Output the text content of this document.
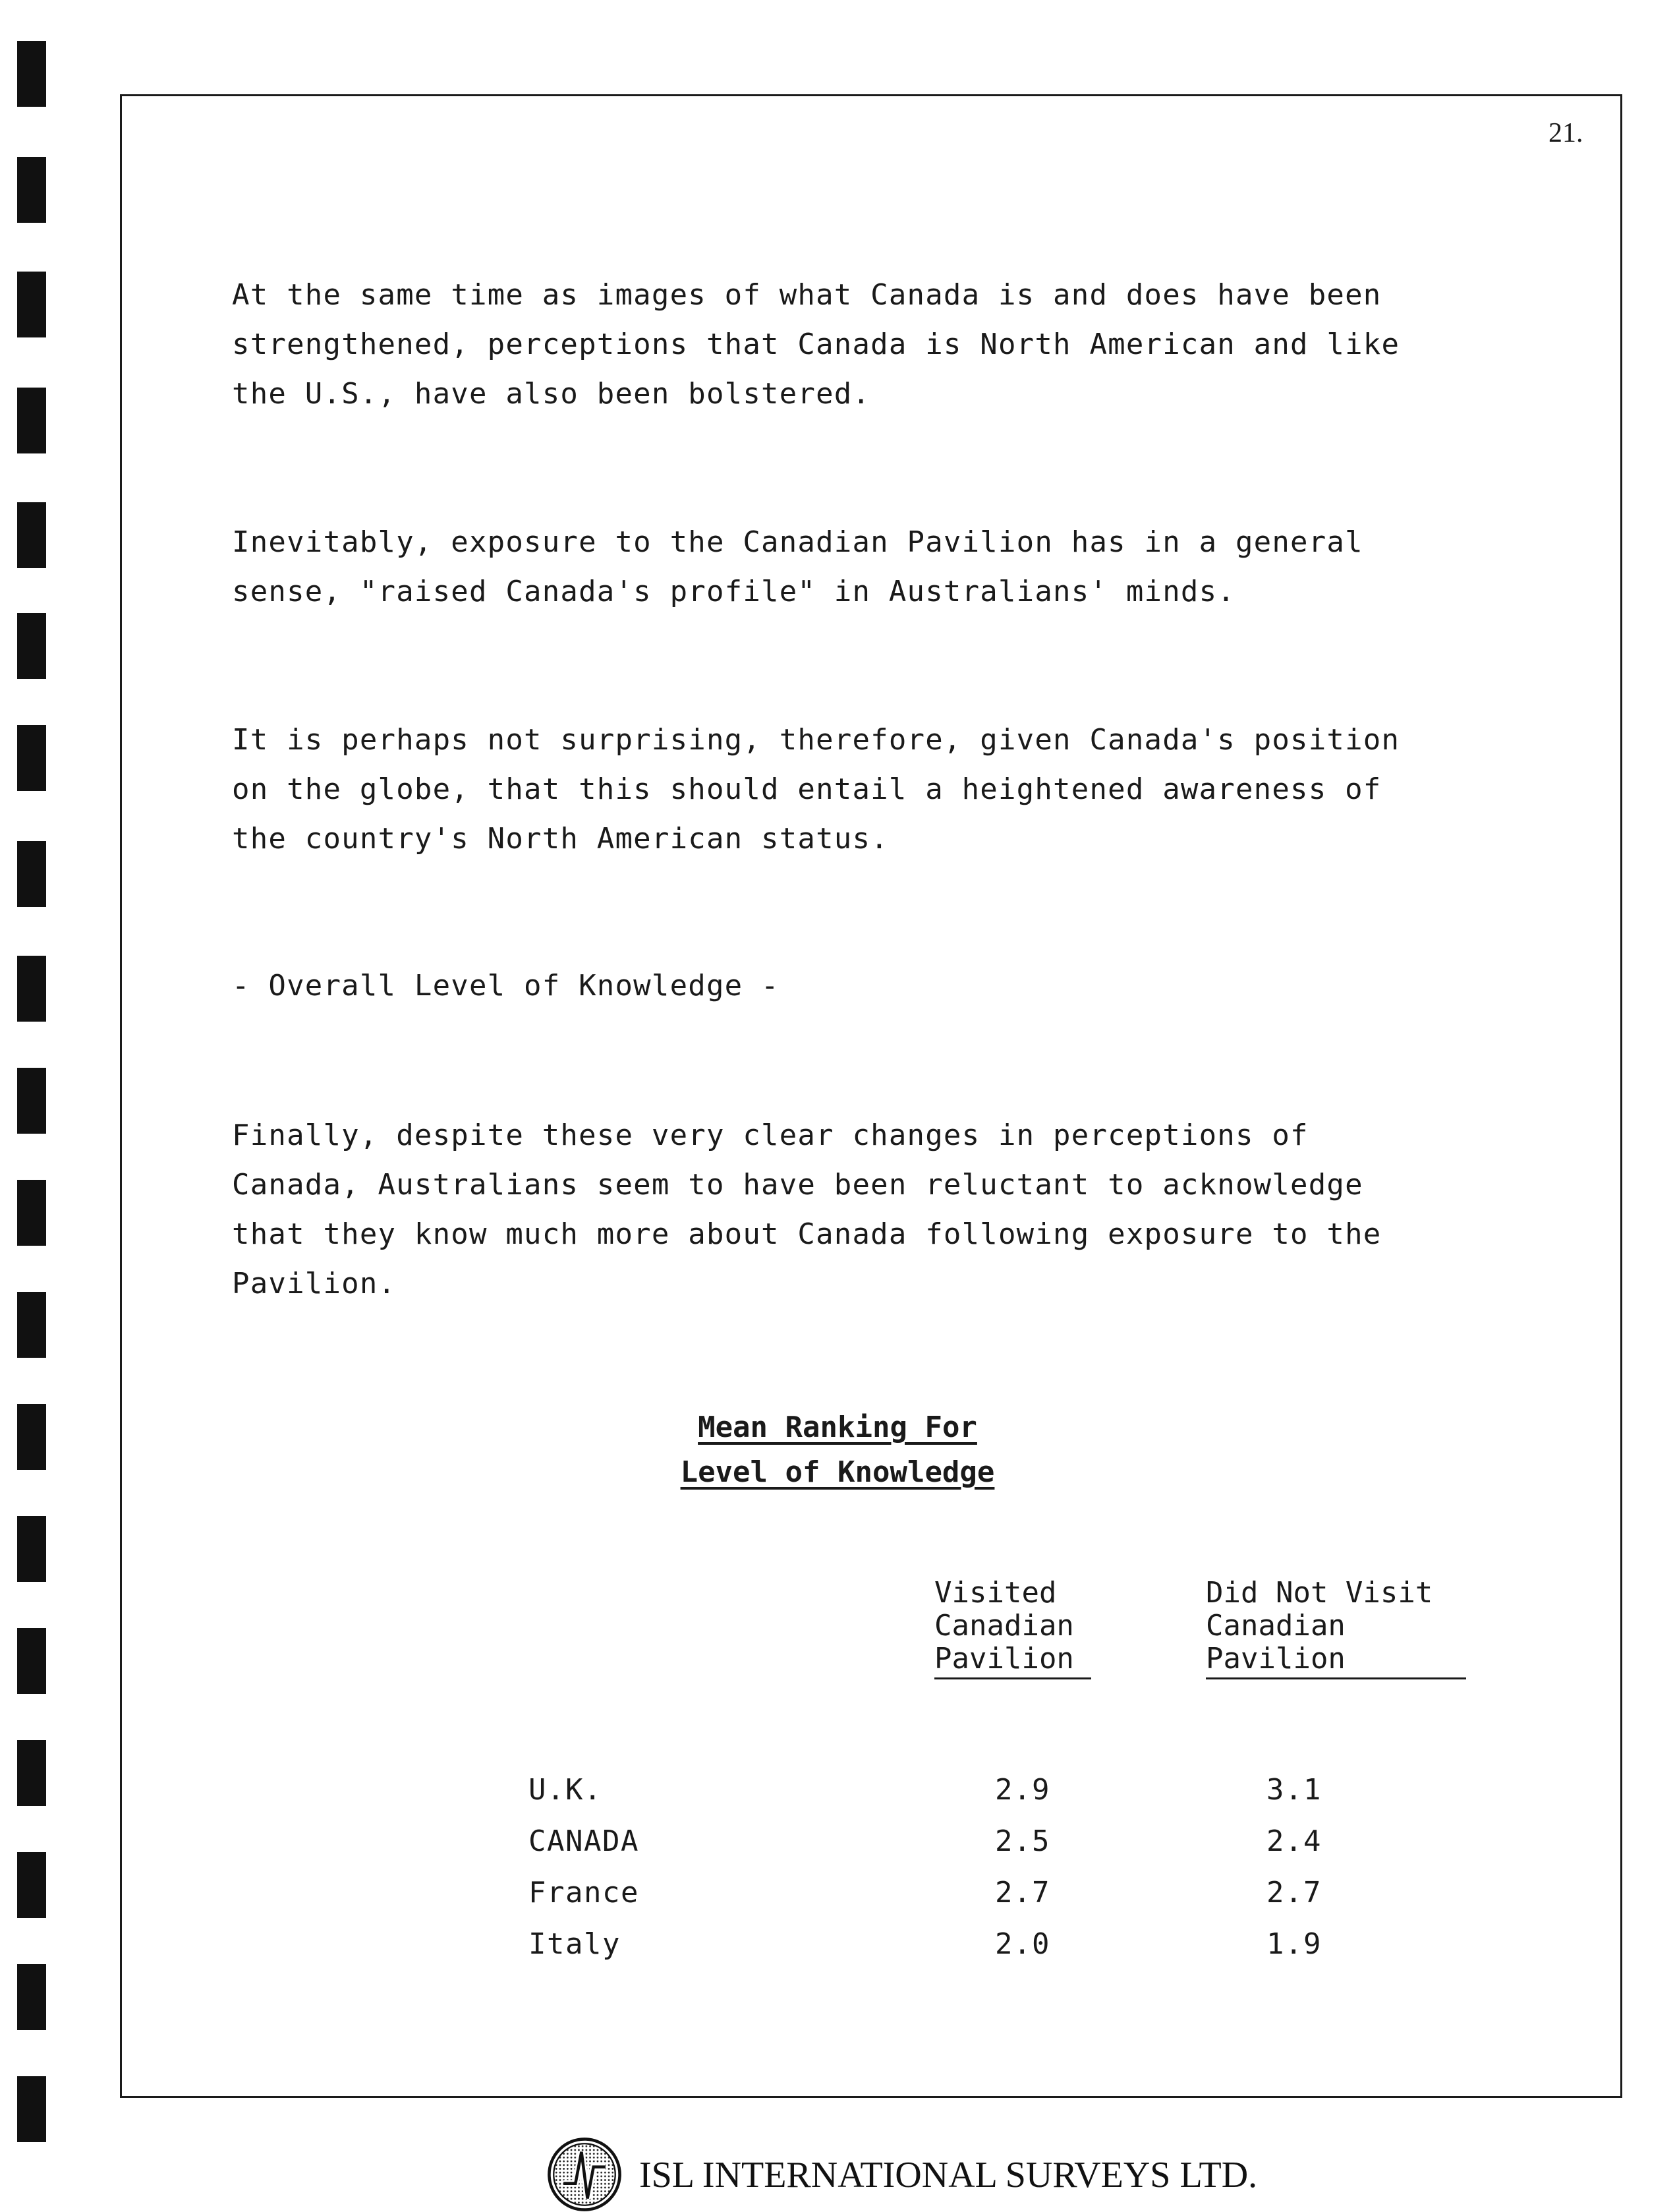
21.
At the same time as images of what Canada is and does have been
strengthened, perceptions that Canada is North American and like
the U.S., have also been bolstered.
Inevitably, exposure to the Canadian Pavilion has in a general
sense, "raised Canada's profile" in Australians' minds.
It is perhaps not surprising, therefore, given Canada's position
on the globe, that this should entail a heightened awareness of
the country's North American status.
- Overall Level of Knowledge -
Finally, despite these very clear changes in perceptions of
Canada, Australians seem to have been reluctant to acknowledge
that they know much more about Canada following exposure to the
Pavilion.
Mean Ranking For
Level of Knowledge
Visited
Canadian
Pavilion
Did Not Visit
Canadian
Pavilion
U.K.	2.9	3.1
CANADA	2.5	2.4
France	2.7	2.7
Italy	2.0	1.9
ISL INTERNATIONAL SURVEYS LTD.
